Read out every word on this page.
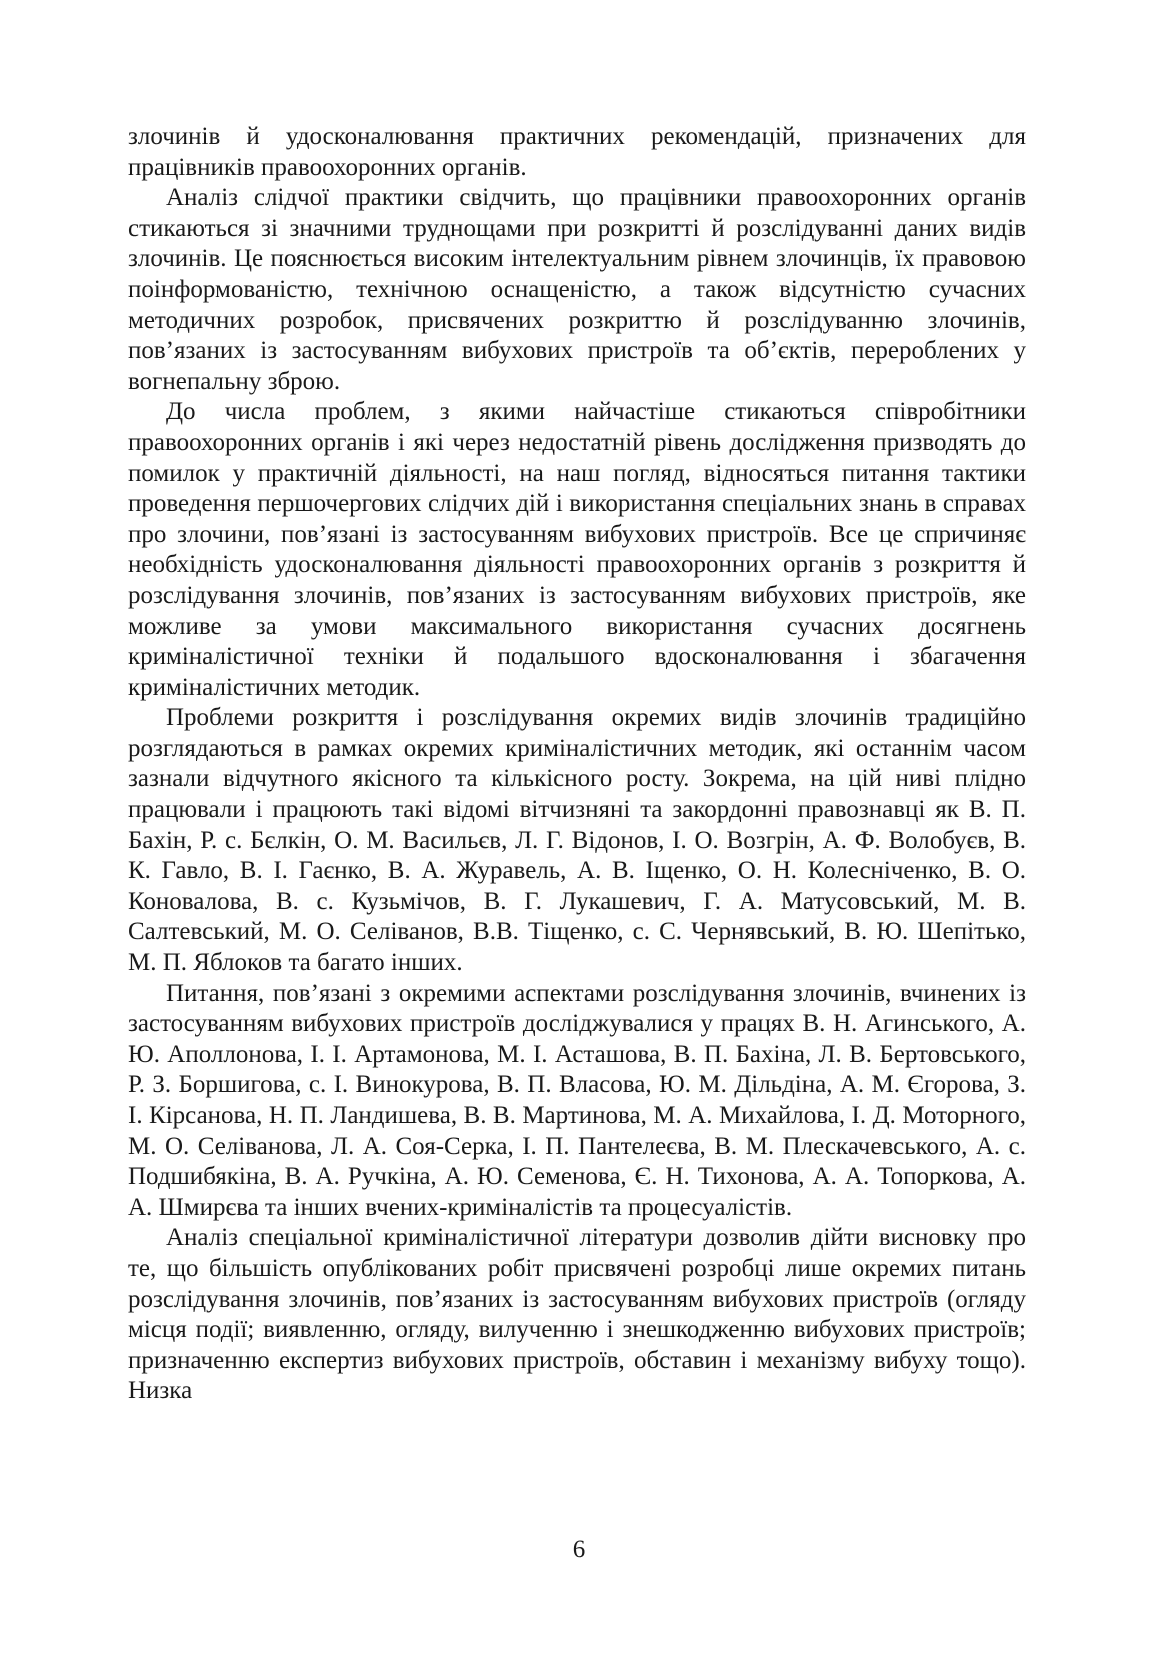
злочинів й удосконалювання практичних рекомендацій, призначених для працівників правоохоронних органів.

Аналіз слідчої практики свідчить, що працівники правоохоронних органів стикаються зі значними труднощами при розкритті й розслідуванні даних видів злочинів. Це пояснюється високим інтелектуальним рівнем злочинців, їх правовою поінформованістю, технічною оснащеністю, а також відсутністю сучасних методичних розробок, присвячених розкриттю й розслідуванню злочинів, пов’язаних із застосуванням вибухових пристроїв та об’єктів, перероблених у вогнепальну зброю.

До числа проблем, з якими найчастіше стикаються співробітники правоохоронних органів і які через недостатній рівень дослідження призводять до помилок у практичній діяльності, на наш погляд, відносяться питання тактики проведення першочергових слідчих дій і використання спеціальних знань в справах про злочини, пов’язані із застосуванням вибухових пристроїв. Все це спричиняє необхідність удосконалювання діяльності правоохоронних органів з розкриття й розслідування злочинів, пов’язаних із застосуванням вибухових пристроїв, яке можливе за умови максимального використання сучасних досягнень криміналістичної техніки й подальшого вдосконалювання і збагачення криміналістичних методик.

Проблеми розкриття і розслідування окремих видів злочинів традиційно розглядаються в рамках окремих криміналістичних методик, які останнім часом зазнали відчутного якісного та кількісного росту. Зокрема, на цій ниві плідно працювали і працюють такі відомі вітчизняні та закордонні правознавці як В. П. Бахін, Р. с. Бєлкін, О. М. Васильєв, Л. Г. Відонов, І. О. Возгрін, А. Ф. Волобуєв, В. К. Гавло, В. І. Гаєнко, В. А. Журавель, А. В. Іщенко, О. Н. Колесніченко, В. О. Коновалова, В. с. Кузьмічов, В. Г. Лукашевич, Г. А. Матусовський, М. В. Салтевський, М. О. Селіванов, В.В. Тіщенко, с. С. Чернявський, В. Ю. Шепітько, М. П. Яблоков та багато інших.

Питання, пов’язані з окремими аспектами розслідування злочинів, вчинених із застосуванням вибухових пристроїв досліджувалися у працях В. Н. Агинського, А. Ю. Аполлонова, І. І. Артамонова, М. І. Асташова, В. П. Бахіна, Л. В. Бертовського, Р. З. Боршигова, с. І. Винокурова, В. П. Власова, Ю. М. Дільдіна, А. М. Єгорова, З. І. Кірсанова, Н. П. Ландишева, В. В. Мартинова, М. А. Михайлова, І. Д. Моторного, М. О. Селіванова, Л. А. Соя-Серка, І. П. Пантелеєва, В. М. Плескачевського, А. с. Подшибякіна, В. А. Ручкіна, А. Ю. Семенова, Є. Н. Тихонова, А. А. Топоркова, А. А. Шмирєва та інших вчених-криміналістів та процесуалістів.

Аналіз спеціальної криміналістичної літератури дозволив дійти висновку про те, що більшість опублікованих робіт присвячені розробці лише окремих питань розслідування злочинів, пов’язаних із застосуванням вибухових пристроїв (огляду місця події; виявленню, огляду, вилученню і знешкодженню вибухових пристроїв; призначенню експертиз вибухових пристроїв, обставин і механізму вибуху тощо). Низка

6
